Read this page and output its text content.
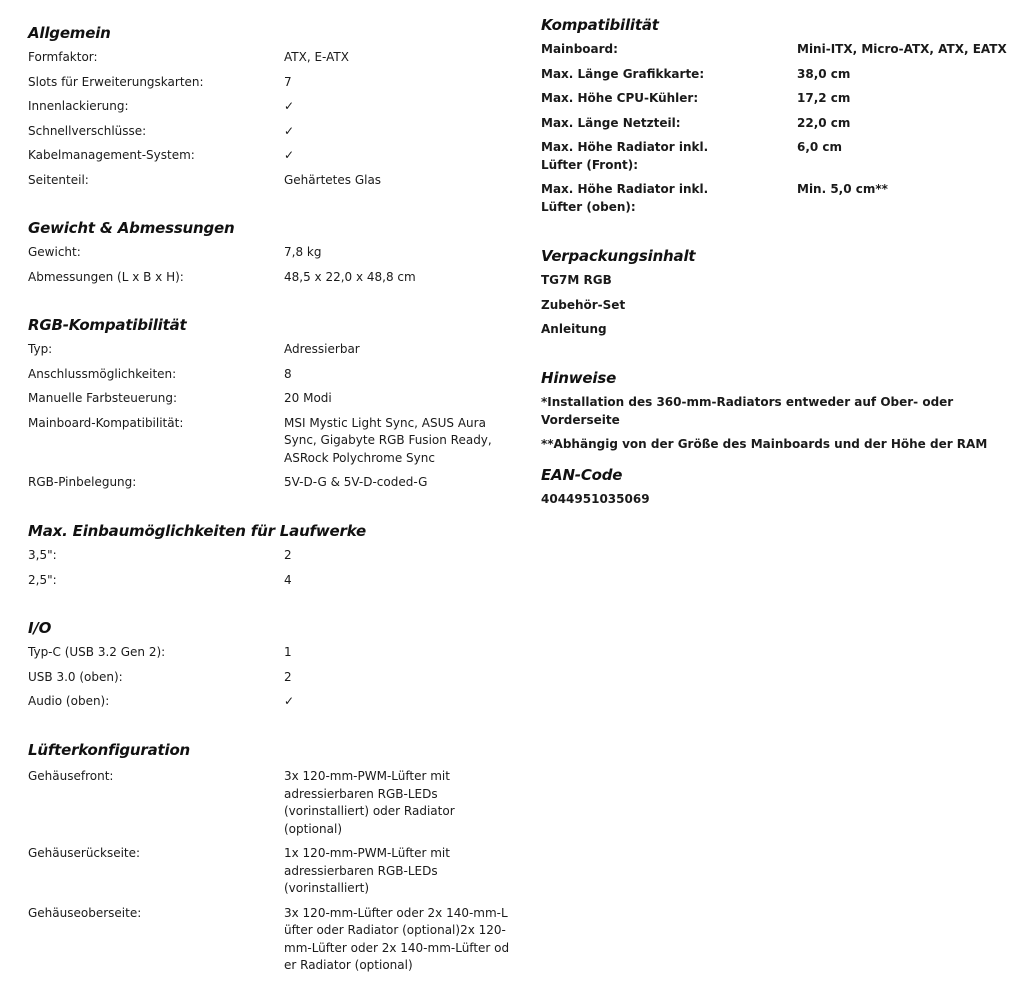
Allgemein
Formfaktor:	ATX, E-ATX
Slots für Erweiterungskarten:	7
Innenlackierung:	✓
Schnellverschlüsse:	✓
Kabelmanagement-System:	✓
Seitenteil:	Gehärtetes Glas
Gewicht & Abmessungen
Gewicht:	7,8 kg
Abmessungen (L x B x H):	48,5 x 22,0 x 48,8 cm
RGB-Kompatibilität
Typ:	Adressierbar
Anschlussmöglichkeiten:	8
Manuelle Farbsteuerung:	20 Modi
Mainboard-Kompatibilität:	MSI Mystic Light Sync, ASUS Aura Sync, Gigabyte RGB Fusion Ready, ASRock Polychrome Sync
RGB-Pinbelegung:	5V-D-G & 5V-D-coded-G
Max. Einbaumöglichkeiten für Laufwerke
3,5":	2
2,5":	4
I/O
Typ-C (USB 3.2 Gen 2):	1
USB 3.0 (oben):	2
Audio (oben):	✓
Lüfterkonfiguration
Gehäusefront:	3x 120-mm-PWM-Lüfter mit adressierbaren RGB-LEDs (vorinstalliert) oder Radiator (optional)
Gehäuserückseite:	1x 120-mm-PWM-Lüfter mit adressierbaren RGB-LEDs (vorinstalliert)
Gehäuseoberseite:	3x 120-mm-Lüfter oder 2x 140-mm-Lüfter oder Radiator (optional)2x 120-mm-Lüfter oder 2x 140-mm-Lüfter oder Radiator (optional)
Kompatibilität
Mainboard:	Mini-ITX, Micro-ATX, ATX, EATX
Max. Länge Grafikkarte:	38,0 cm
Max. Höhe CPU-Kühler:	17,2 cm
Max. Länge Netzteil:	22,0 cm
Max. Höhe Radiator inkl. Lüfter (Front):
6,0 cm
Max. Höhe Radiator inkl. Lüfter (oben):
Min. 5,0 cm**
Verpackungsinhalt
TG7M RGB
Zubehör-Set
Anleitung
Hinweise
*Installation des 360-mm-Radiators entweder auf Ober- oder Vorderseite
**Abhängig von der Größe des Mainboards und der Höhe der RAM
EAN-Code
4044951035069
